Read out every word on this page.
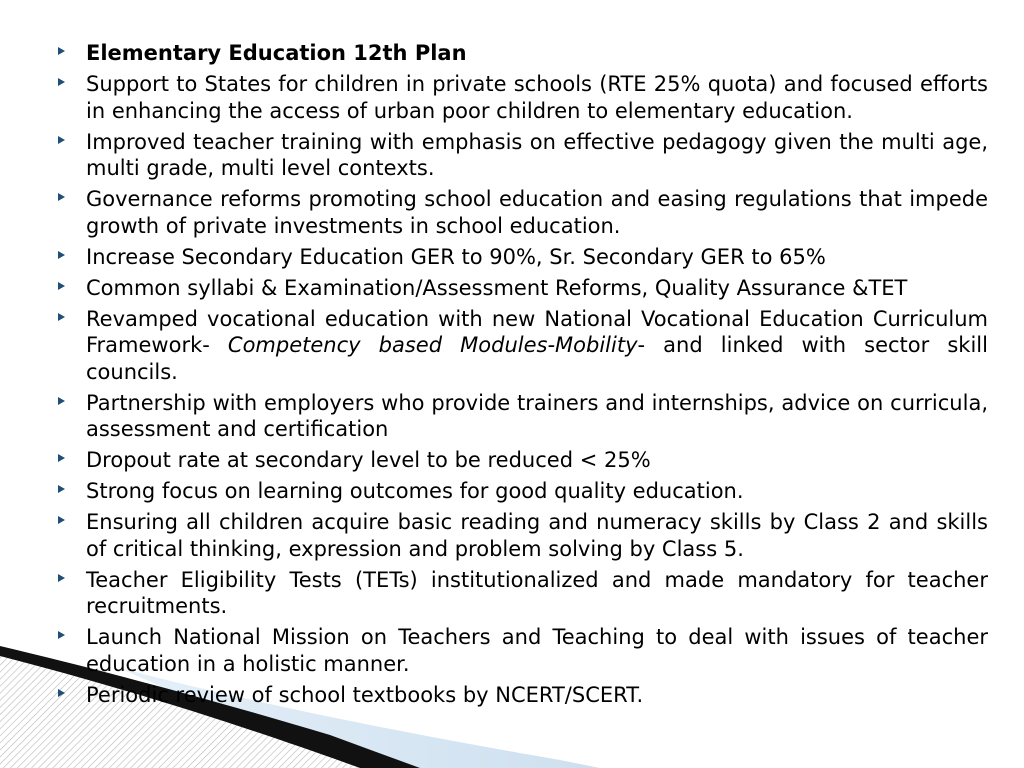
Elementary Education 12th Plan
Support to States for children in private schools (RTE 25% quota) and focused efforts in enhancing the access of urban poor children to elementary education.
Improved teacher training with emphasis on effective pedagogy given the multi age, multi grade, multi level contexts.
Governance reforms promoting school education and easing regulations that impede growth of private investments in school education.
Increase Secondary Education GER to 90%, Sr. Secondary GER to 65%
Common syllabi & Examination/Assessment Reforms, Quality Assurance &TET
Revamped vocational education with new National Vocational Education Curriculum Framework- Competency based Modules-Mobility- and linked with sector skill councils.
Partnership with employers who provide trainers and internships, advice on curricula, assessment and certification
Dropout rate at secondary level to be reduced < 25%
Strong focus on learning outcomes for good quality education.
Ensuring all children acquire basic reading and numeracy skills by Class 2 and skills of critical thinking, expression and problem solving by Class 5.
Teacher Eligibility Tests (TETs) institutionalized and made mandatory for teacher recruitments.
Launch National Mission on Teachers and Teaching to deal with issues of teacher education in a holistic manner.
Periodic review of school textbooks by NCERT/SCERT.
